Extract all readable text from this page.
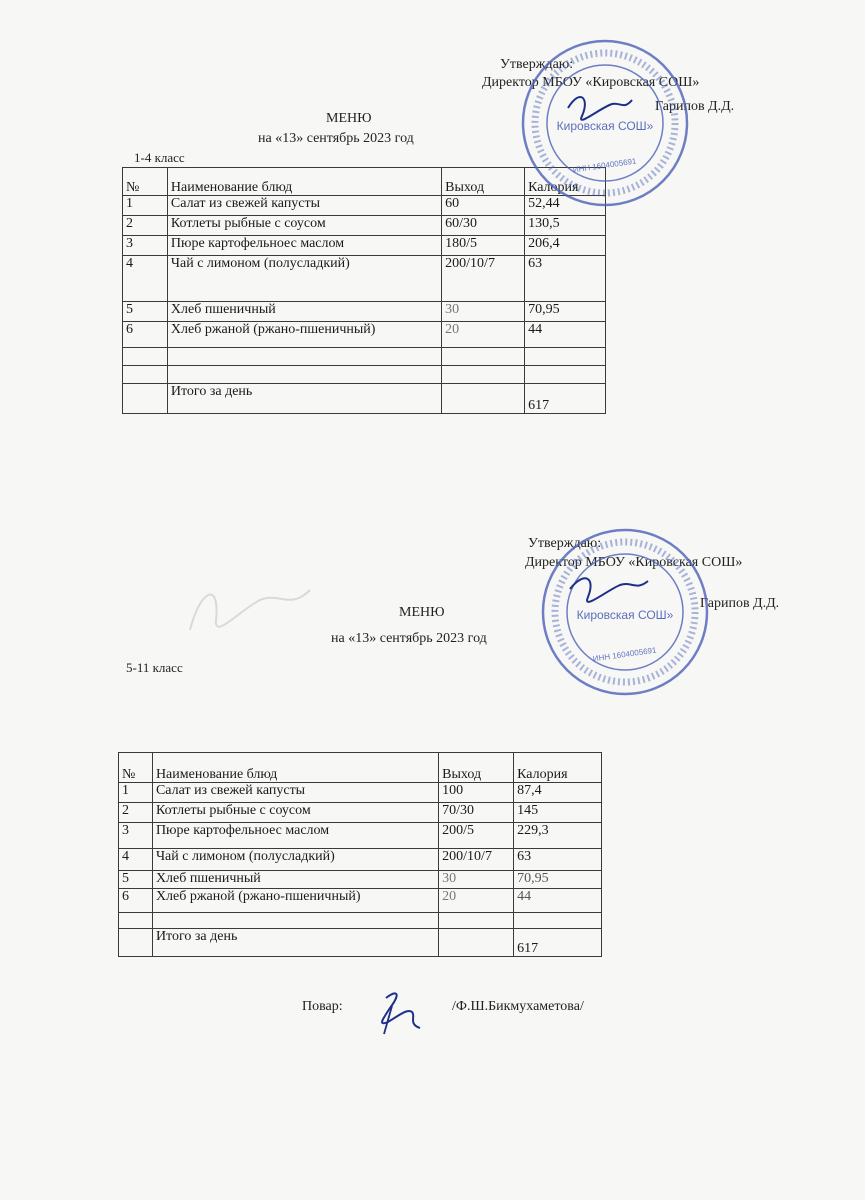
Утверждаю:
Директор МБОУ «Кировская СОШ»
Гарипов Д.Д.
МЕНЮ
на «13» сентябрь 2023 год
1-4 класс
№	Наименование блюд	Выход	Калория
1	Салат из свежей капусты	60	52,44
2	Котлеты рыбные с соусом	60/30	130,5
3	Пюре картофельноес маслом	180/5	206,4
4	Чай с лимоном (полусладкий)	200/10/7	63
5	Хлеб пшеничный	30	70,95
6	Хлеб ржаной (ржано-пшеничный)	20	44

	Итого за день		617
Утверждаю:
Директор МБОУ «Кировская СОШ»
Гарипов Д.Д.
МЕНЮ
на «13» сентябрь 2023 год
5-11 класс
№	Наименование блюд	Выход	Калория
1	Салат из свежей капусты	100	87,4
2	Котлеты рыбные с соусом	70/30	145
3	Пюре картофельноес маслом	200/5	229,3
4	Чай с лимоном (полусладкий)	200/10/7	63
5	Хлеб пшеничный	30	70,95
6	Хлеб ржаной (ржано-пшеничный)	20	44

	Итого за день		617
Повар:	/Ф.Ш.Бикмухаметова/
Кировская СОШ»
ИНН 1604005691
Кировская СОШ»
ИНН 1604005691
